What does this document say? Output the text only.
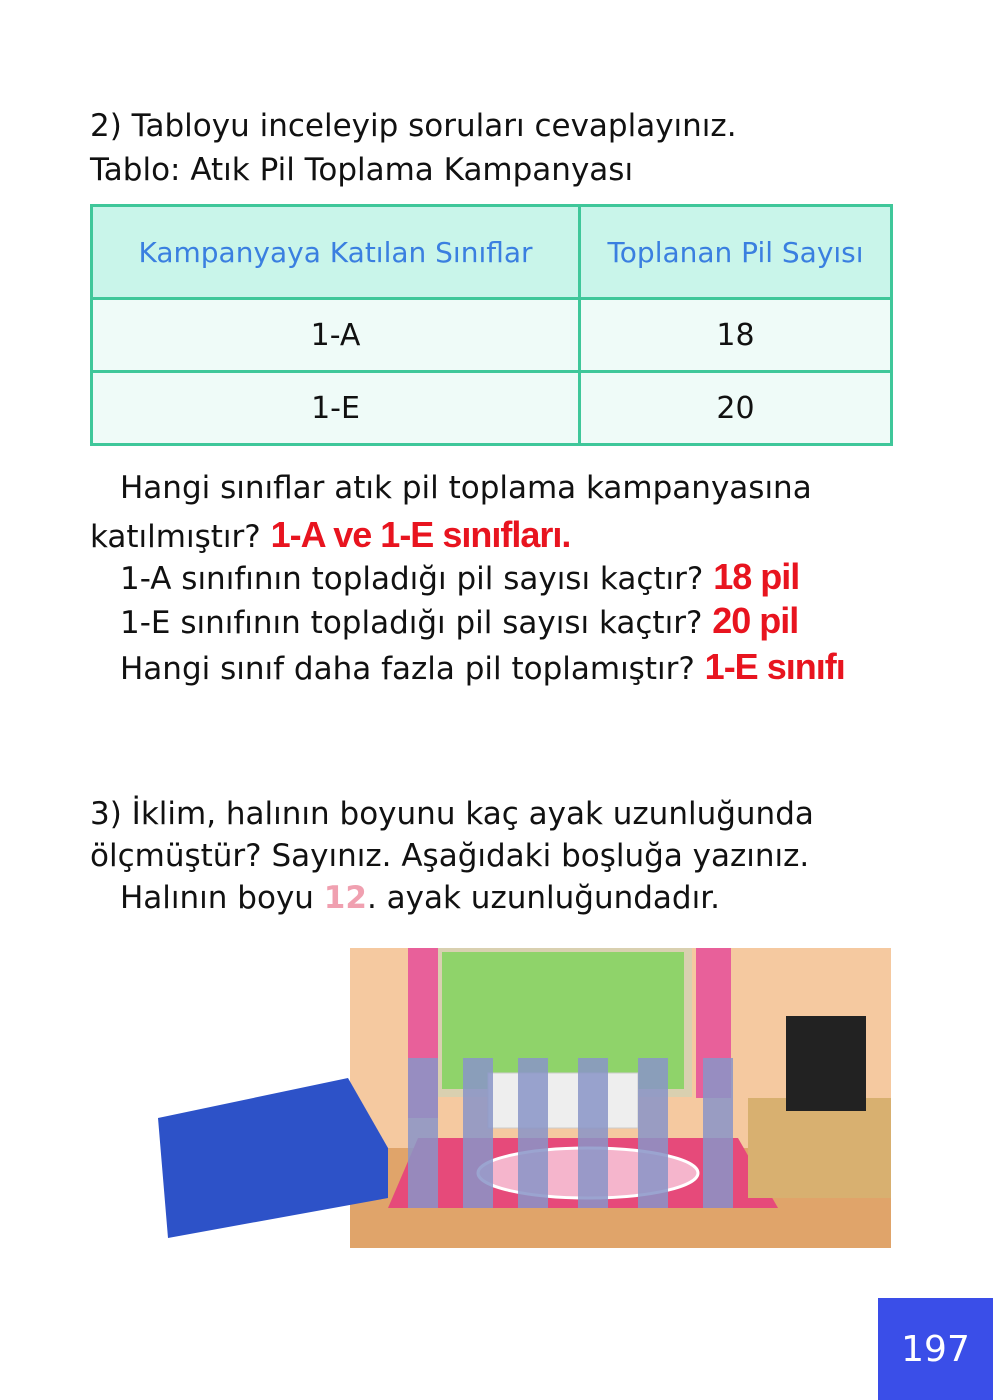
2) Tabloyu inceleyip soruları cevaplayınız.
Tablo: Atık Pil Toplama Kampanyası
Kampanyaya Katılan Sınıflar	Toplanan Pil Sayısı
1-A	18
1-E	20
Hangi sınıflar atık pil toplama kampanyasına
katılmıştır? 1-A ve 1-E sınıfları.
1-A sınıfının topladığı pil sayısı kaçtır? 18 pil
1-E sınıfının topladığı pil sayısı kaçtır? 20 pil
Hangi sınıf daha fazla pil toplamıştır? 1-E sınıfı
3) İklim, halının boyunu kaç ayak uzunluğunda
ölçmüştür? Sayınız. Aşağıdaki boşluğa yazınız.
Halının boyu 12. ayak uzunluğundadır.
197
